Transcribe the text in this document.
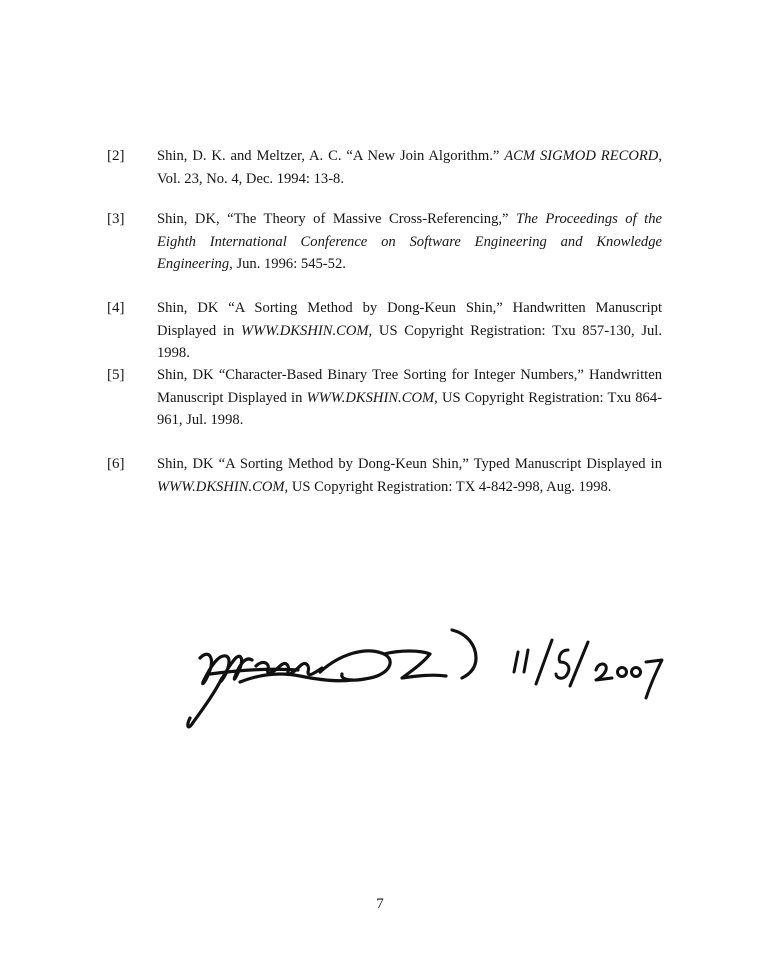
[2] Shin, D. K. and Meltzer, A. C. “A New Join Algorithm.” ACM SIGMOD RECORD, Vol. 23, No. 4, Dec. 1994: 13-8.
[3] Shin, DK, “The Theory of Massive Cross-Referencing,” The Proceedings of the Eighth International Conference on Software Engineering and Knowledge Engineering, Jun. 1996: 545-52.
[4] Shin, DK “A Sorting Method by Dong-Keun Shin,” Handwritten Manuscript Displayed in WWW.DKSHIN.COM, US Copyright Registration: Txu 857-130, Jul. 1998.
[5] Shin, DK “Character-Based Binary Tree Sorting for Integer Numbers,” Handwritten Manuscript Displayed in WWW.DKSHIN.COM, US Copyright Registration: Txu 864-961, Jul. 1998.
[6] Shin, DK “A Sorting Method by Dong-Keun Shin,” Typed Manuscript Displayed in WWW.DKSHIN.COM, US Copyright Registration: TX 4-842-998, Aug. 1998.
7
